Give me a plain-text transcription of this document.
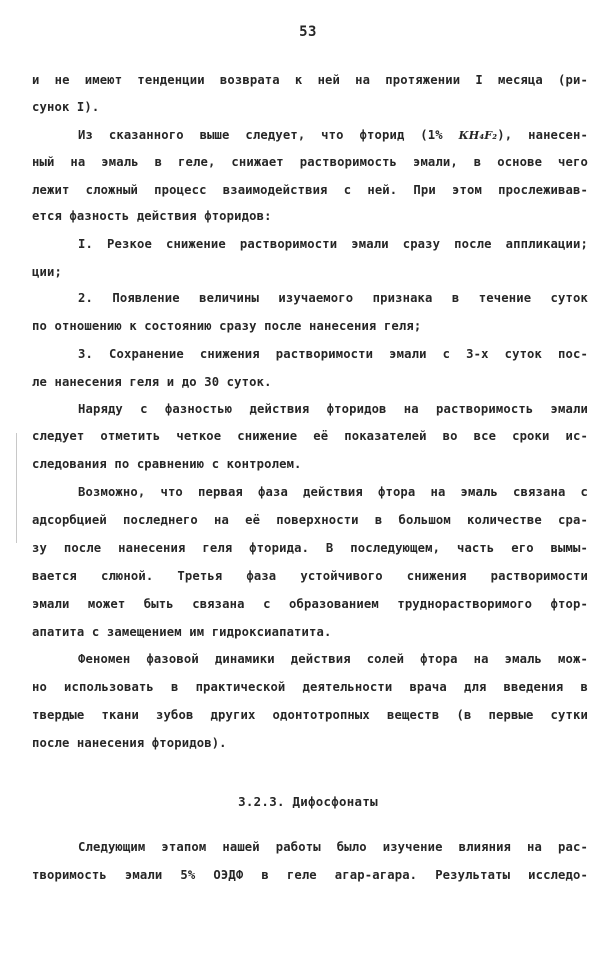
53
и не имеют тенденции возврата к ней на протяжении I месяца (ри-
сунок I).
Из сказанного выше следует, что фторид (1% КН₄F₂), нанесен-
ный на эмаль в геле, снижает растворимость эмали, в основе чего
лежит сложный процесс взаимодействия с ней. При этом прослеживав-
ется фазность действия фторидов:
I. Резкое снижение растворимости эмали сразу после аппликации;
ции;
2. Появление величины изучаемого признака в течение суток
по отношению к состоянию сразу после нанесения геля;
3. Сохранение снижения растворимости эмали с 3-х суток пос-
ле нанесения геля и до 30 суток.
Наряду с фазностью действия фторидов на растворимость эмали
следует отметить четкое снижение её показателей во все сроки ис-
следования по сравнению с контролем.
Возможно, что первая фаза действия фтора на эмаль связана с
адсорбцией последнего на её поверхности в большом количестве сра-
зу после нанесения геля фторида. В последующем, часть его вымы-
вается слюной. Третья фаза устойчивого снижения растворимости
эмали может быть связана с образованием труднорастворимого фтор-
апатита с замещением им гидроксиапатита.
Феномен фазовой динамики действия солей фтора на эмаль мож-
но использовать в практической деятельности врача для введения в
твердые ткани зубов других одонтотропных веществ (в первые сутки
после нанесения фторидов).
Следующим этапом нашей работы было изучение влияния на рас-
творимость эмали 5% ОЭДФ в геле агар-агара. Результаты исследо-
3.2.3. Дифосфонаты
